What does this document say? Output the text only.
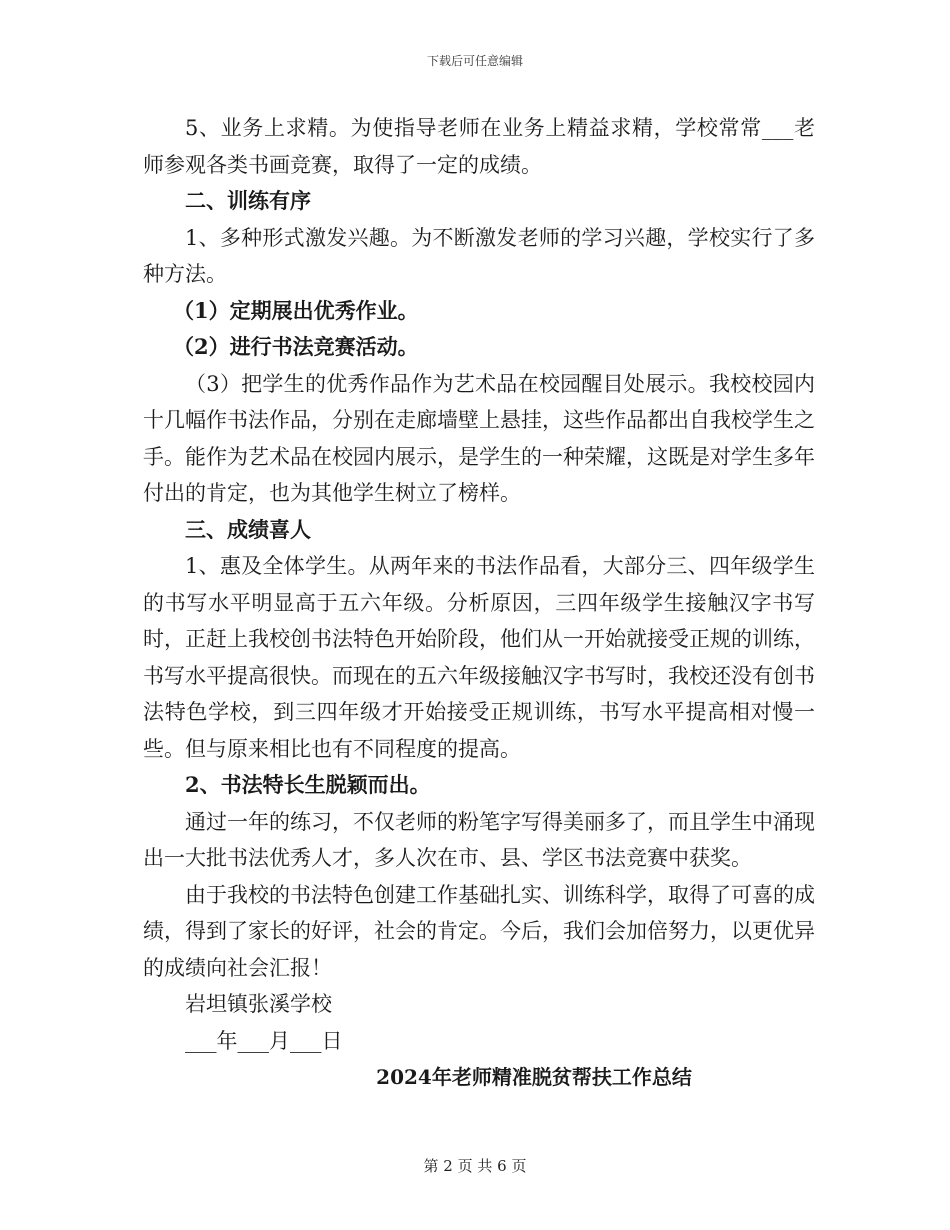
下载后可任意编辑

5、业务上求精。为使指导老师在业务上精益求精，学校常常___老师参观各类书画竞赛，取得了一定的成绩。

二、训练有序

1、多种形式激发兴趣。为不断激发老师的学习兴趣，学校实行了多种方法。

（1）定期展出优秀作业。

（2）进行书法竞赛活动。

（3）把学生的优秀作品作为艺术品在校园醒目处展示。我校校园内十几幅作书法作品，分别在走廊墙壁上悬挂，这些作品都出自我校学生之手。能作为艺术品在校园内展示，是学生的一种荣耀，这既是对学生多年付出的肯定，也为其他学生树立了榜样。

三、成绩喜人

1、惠及全体学生。从两年来的书法作品看，大部分三、四年级学生的书写水平明显高于五六年级。分析原因，三四年级学生接触汉字书写时，正赶上我校创书法特色开始阶段，他们从一开始就接受正规的训练，书写水平提高很快。而现在的五六年级接触汉字书写时，我校还没有创书法特色学校，到三四年级才开始接受正规训练，书写水平提高相对慢一些。但与原来相比也有不同程度的提高。

2、书法特长生脱颖而出。

通过一年的练习，不仅老师的粉笔字写得美丽多了，而且学生中涌现出一大批书法优秀人才，多人次在市、县、学区书法竞赛中获奖。

由于我校的书法特色创建工作基础扎实、训练科学，取得了可喜的成绩，得到了家长的好评，社会的肯定。今后，我们会加倍努力，以更优异的成绩向社会汇报！

岩坦镇张溪学校

___年___月___日

2024年老师精准脱贫帮扶工作总结

第 2 页 共 6 页
